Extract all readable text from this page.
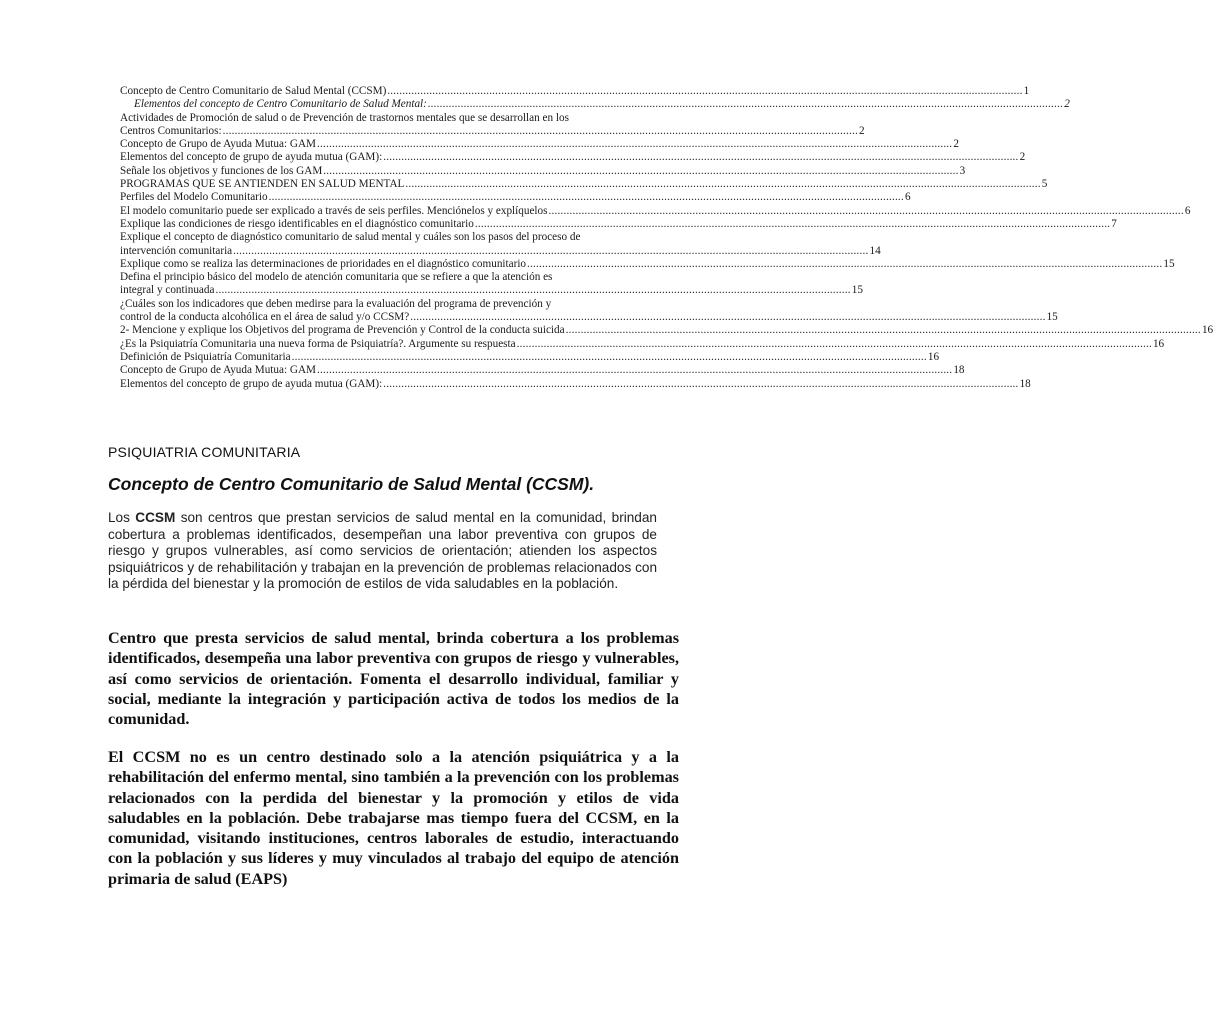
Concepto de Centro Comunitario de Salud Mental (CCSM) .....	1
Elementos del concepto de Centro Comunitario de Salud Mental: .....	2
Actividades de Promoción de salud o de Prevención de trastornos mentales que se desarrollan en los
Centros Comunitarios: .....	2
Concepto de Grupo de Ayuda Mutua: GAM .....	2
Elementos del concepto de grupo de ayuda mutua (GAM): .....	2
Señale los objetivos y funciones de los GAM .....	3
PROGRAMAS QUE SE ANTIENDEN EN SALUD MENTAL .....	5
Perfiles del Modelo Comunitario .....	6
El modelo comunitario puede ser explicado a través de seis perfiles. Menciónelos y explíquelos .....	6
Explique las condiciones de riesgo identificables en el diagnóstico comunitario .....	7
Explique el concepto de diagnóstico comunitario de salud mental y cuáles son los pasos del proceso de
intervención comunitaria .....	14
Explique como se realiza las determinaciones de prioridades en el diagnóstico comunitario .....	15
Defina el principio básico del modelo de atención comunitaria que se refiere a que la atención es
integral y continuada .....	15
¿Cuáles son los indicadores que deben medirse para la evaluación del programa de prevención y
control de la conducta alcohólica en el área de salud y/o CCSM? .....	15
2- Mencione y explique los Objetivos del programa de Prevención y Control de la conducta suicida .....	16
¿Es la Psiquiatría Comunitaria una nueva forma de Psiquiatría?. Argumente su respuesta .....	16
Definición de Psiquiatría Comunitaria .....	16
Concepto de Grupo de Ayuda Mutua: GAM .....	18
Elementos del concepto de grupo de ayuda mutua (GAM): .....	18
PSIQUIATRIA COMUNITARIA
Concepto de Centro Comunitario de Salud Mental (CCSM).
Los CCSM son centros que prestan servicios de salud mental en la comunidad, brindan cobertura a problemas identificados, desempeñan una labor preventiva con grupos de riesgo y grupos vulnerables, así como servicios de orientación; atienden los aspectos psiquiátricos y de rehabilitación y trabajan en la prevención de problemas relacionados con la pérdida del bienestar y la promoción de estilos de vida saludables en la población.
Centro que presta servicios de salud mental, brinda cobertura a los problemas identificados, desempeña una labor preventiva con grupos de riesgo y vulnerables, así como servicios de orientación. Fomenta el desarrollo individual, familiar y social, mediante la integración y participación activa de todos los medios de la comunidad.
El CCSM no es un centro destinado solo a la atención psiquiátrica y a la rehabilitación del enfermo mental, sino también a la prevención con los problemas relacionados con la perdida del bienestar y la promoción y etilos de vida saludables en la población. Debe trabajarse mas tiempo fuera del CCSM, en la comunidad, visitando instituciones, centros laborales de estudio, interactuando con la población y sus líderes y muy vinculados al trabajo del equipo de atención primaria de salud (EAPS)
